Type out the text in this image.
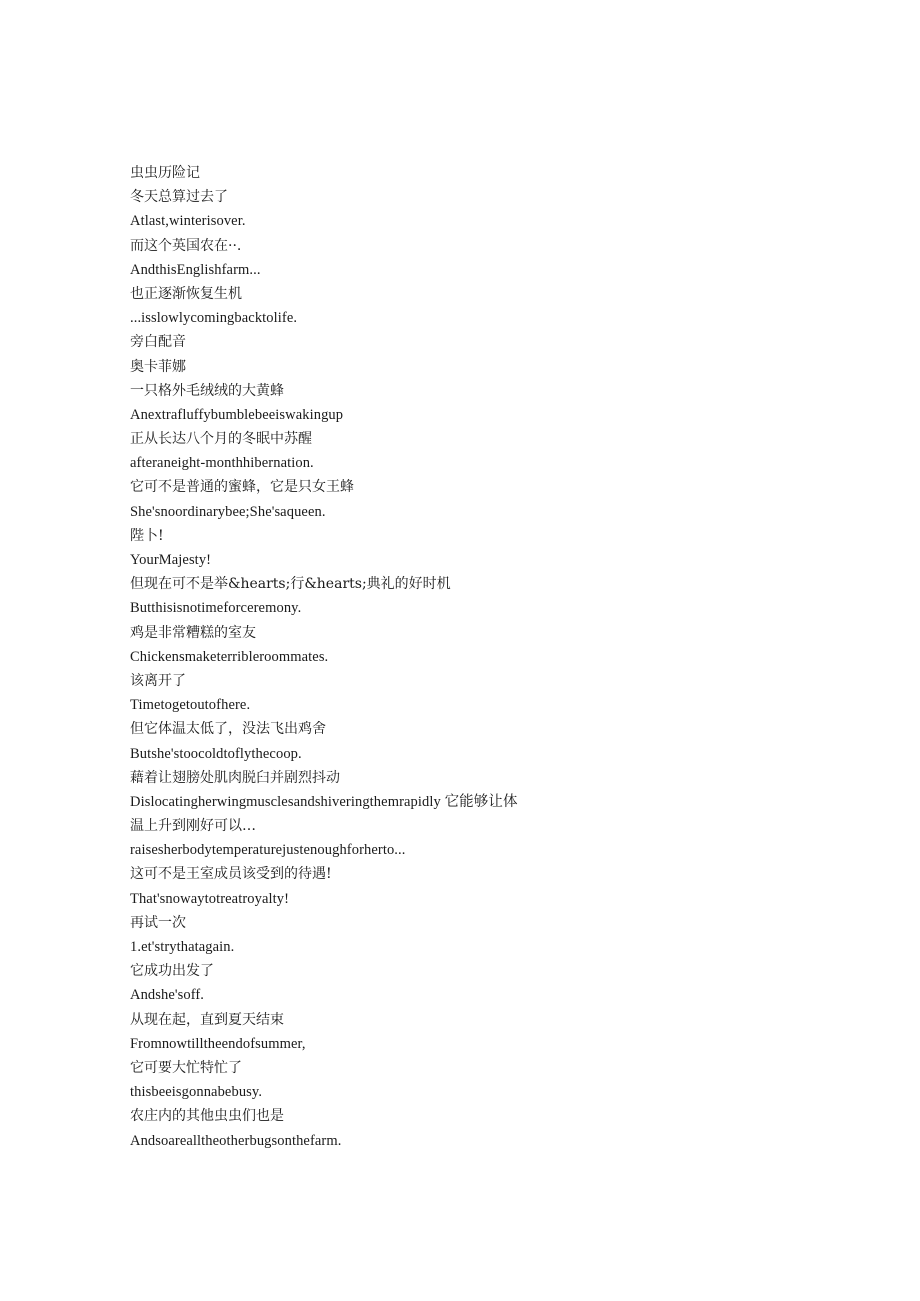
虫虫历险记
冬天总算过去了
Atlast,winterisover.
而这个英国农在··.
AndthisEnglishfarm...
也正逐渐恢复生机
...isslowlycomingbacktolife.
旁白配音
奥卡菲娜
一只格外毛绒绒的大黄蜂
Anextrafluffybumblebeeiswakingup
正从长达八个月的冬眠中苏醒
afteraneight-monthhibernation.
它可不是普通的蜜蜂，它是只女王蜂
She'snoordinarybee;She'saqueen.
陛卜!
YourMajesty!
但现在可不是举&hearts;行&hearts;典礼的好时机
Butthisisnotimeforceremony.
鸡是非常糟糕的室友
Chickensmaketerribleroommates.
该离开了
Timetogetoutofhere.
但它体温太低了，没法飞出鸡舍
Butshe'stoocoldtoflythecoop.
藉着让翅膀处肌肉脱臼并剧烈抖动
Dislocatingherwingmusclesandshiveringthemrapidly 它能够让体
温上升到刚好可以…
raisesherbodytemperaturejustenoughforherto...
这可不是王室成员该受到的待遇!
That'snowaytotreatroyalty!
再试一次
1.et'strythatagain.
它成功出发了
Andshe'soff.
从现在起，直到夏天结束
Fromnowtilltheendofsummer,
它可要大忙特忙了
thisbeeisgonnabebusy.
农庄内的其他虫虫们也是
Andsoarealltheotherbugsonthefarm.
